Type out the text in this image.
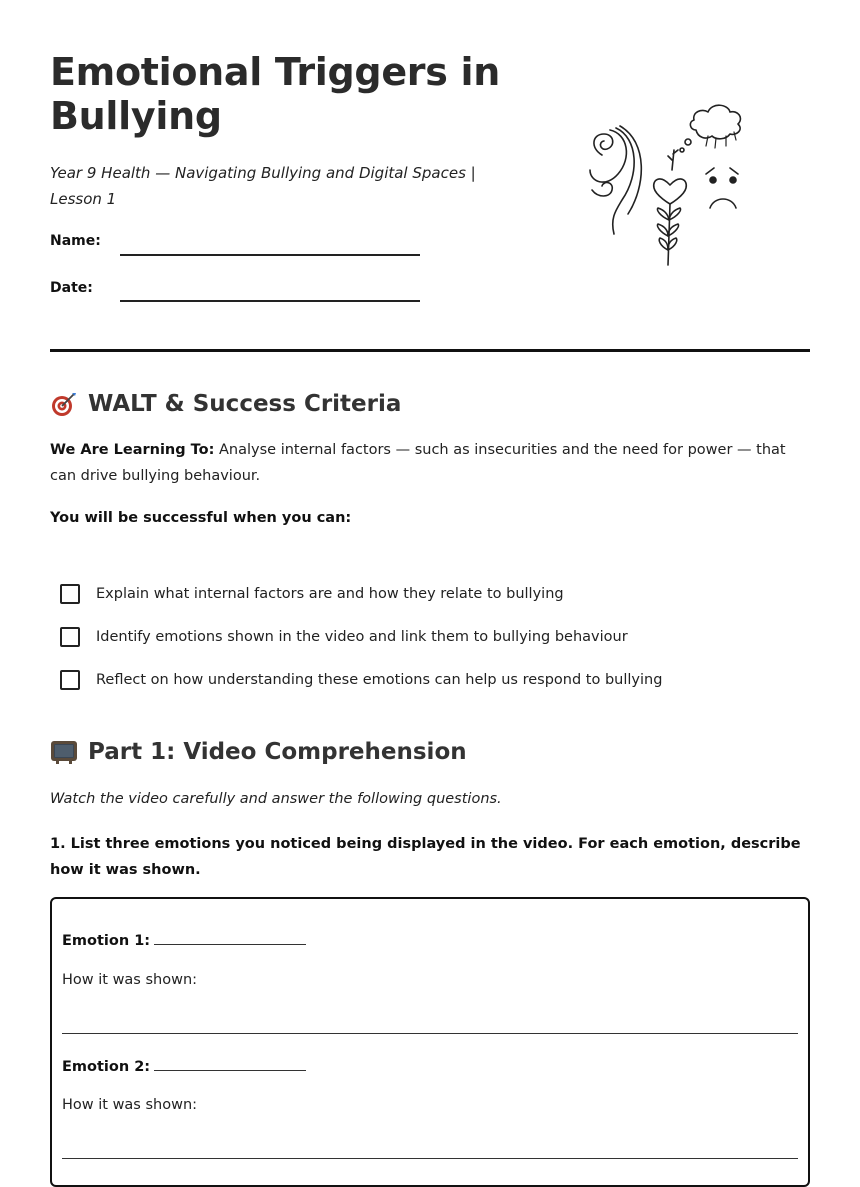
Emotional Triggers in Bullying
Year 9 Health — Navigating Bullying and Digital Spaces | Lesson 1
Name:
Date:
WALT & Success Criteria
We Are Learning To: Analyse internal factors — such as insecurities and the need for power — that can drive bullying behaviour.
You will be successful when you can:
Explain what internal factors are and how they relate to bullying
Identify emotions shown in the video and link them to bullying behaviour
Reflect on how understanding these emotions can help us respond to bullying
Part 1: Video Comprehension
Watch the video carefully and answer the following questions.
1. List three emotions you noticed being displayed in the video. For each emotion, describe how it was shown.
Emotion 1:
How it was shown:
Emotion 2:
How it was shown:
